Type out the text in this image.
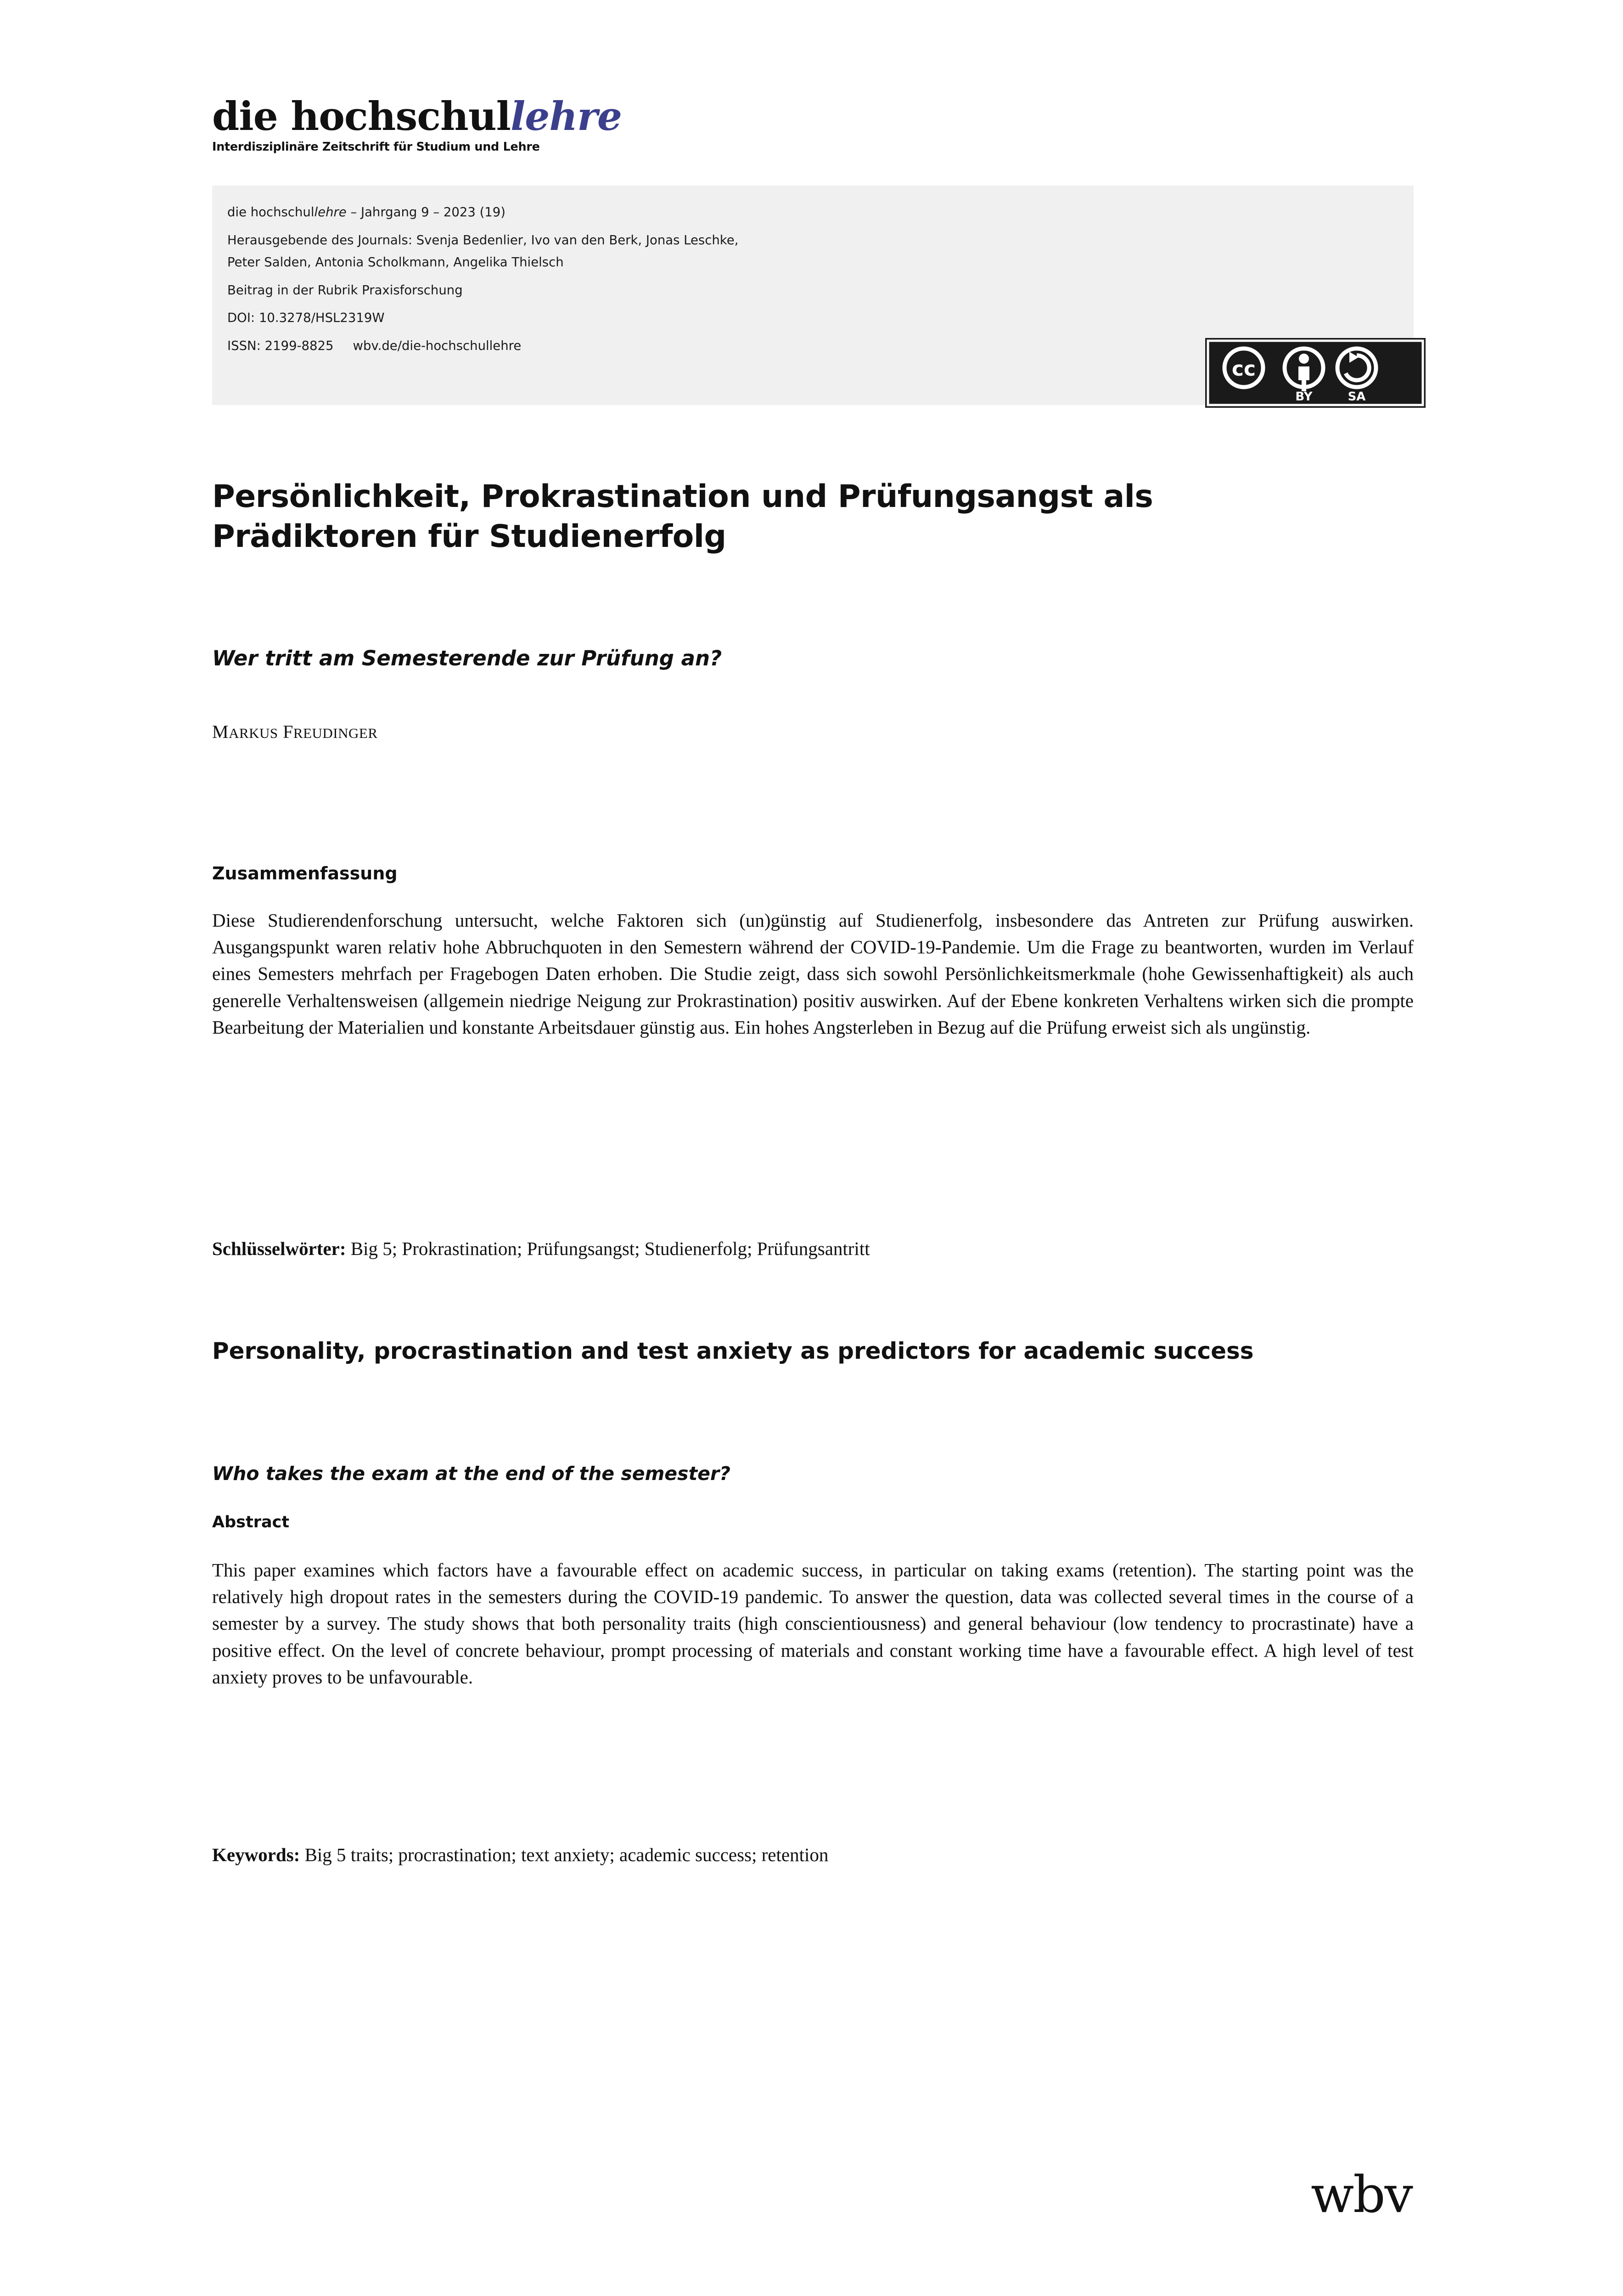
die hochschullehre
Interdisziplinäre Zeitschrift für Studium und Lehre
die hochschullehre – Jahrgang 9 – 2023 (19)
Herausgebende des Journals: Svenja Bedenlier, Ivo van den Berk, Jonas Leschke,
Peter Salden, Antonia Scholkmann, Angelika Thielsch
Beitrag in der Rubrik Praxisforschung
DOI: 10.3278/HSL2319W
ISSN: 2199-8825 wbv.de/die-hochschullehre
cc
BY	SA
Persönlichkeit, Prokrastination und Prüfungsangst als Prädiktoren für Studienerfolg
Wer tritt am Semesterende zur Prüfung an?
MARKUS FREUDINGER
Zusammenfassung
Diese Studierendenforschung untersucht, welche Faktoren sich (un)günstig auf Studienerfolg, insbesondere das Antreten zur Prüfung auswirken. Ausgangspunkt waren relativ hohe Abbruchquoten in den Semestern während der COVID-19-Pandemie. Um die Frage zu beantworten, wurden im Verlauf eines Semesters mehrfach per Fragebogen Daten erhoben. Die Studie zeigt, dass sich sowohl Persönlichkeitsmerkmale (hohe Gewissenhaftigkeit) als auch generelle Verhaltensweisen (allgemein niedrige Neigung zur Prokrastination) positiv auswirken. Auf der Ebene konkreten Verhaltens wirken sich die prompte Bearbeitung der Materialien und konstante Arbeitsdauer günstig aus. Ein hohes Angsterleben in Bezug auf die Prüfung erweist sich als ungünstig.
Schlüsselwörter: Big 5; Prokrastination; Prüfungsangst; Studienerfolg; Prüfungsantritt
Personality, procrastination and test anxiety as predictors for academic success
Who takes the exam at the end of the semester?
Abstract
This paper examines which factors have a favourable effect on academic success, in particular on taking exams (retention). The starting point was the relatively high dropout rates in the semesters during the COVID-19 pandemic. To answer the question, data was collected several times in the course of a semester by a survey. The study shows that both personality traits (high conscientiousness) and general behaviour (low tendency to procrastinate) have a positive effect. On the level of concrete behaviour, prompt processing of materials and constant working time have a favourable effect. A high level of test anxiety proves to be unfavourable.
Keywords: Big 5 traits; procrastination; text anxiety; academic success; retention
wbv
